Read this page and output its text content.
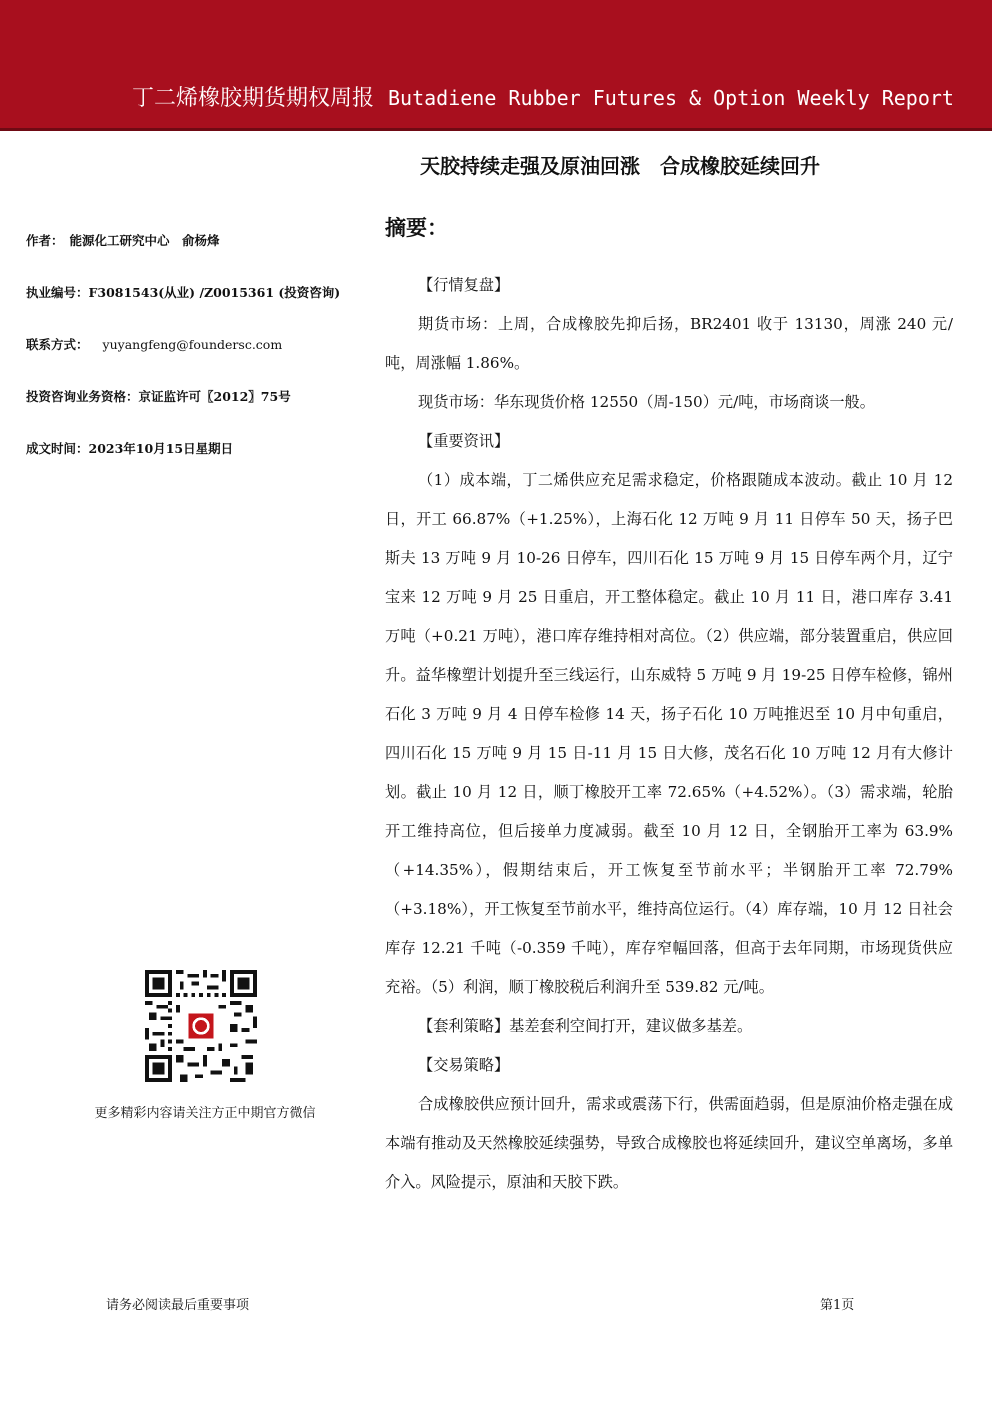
丁二烯橡胶期货期权周报 Butadiene Rubber Futures & Option Weekly Report
天胶持续走强及原油回涨 合成橡胶延续回升
作者： 能源化工研究中心　俞杨烽
执业编号：F3081543(从业) /Z0015361 (投资咨询)
联系方式： yuyangfeng@foundersc.com
投资咨询业务资格：京证监许可〖2012〗75号
成文时间：2023年10月15日星期日
更多精彩内容请关注方正中期官方微信
摘要：

【行情复盘】

期货市场：上周，合成橡胶先抑后扬，BR2401 收于 13130，周涨 240 元/吨，周涨幅 1.86%。

现货市场：华东现货价格 12550（周-150）元/吨，市场商谈一般。

【重要资讯】

（1）成本端，丁二烯供应充足需求稳定，价格跟随成本波动。截止 10 月 12 日，开工 66.87%（+1.25%），上海石化 12 万吨 9 月 11 日停车 50 天，扬子巴斯夫 13 万吨 9 月 10-26 日停车，四川石化 15 万吨 9 月 15 日停车两个月，辽宁宝来 12 万吨 9 月 25 日重启，开工整体稳定。截止 10 月 11 日，港口库存 3.41 万吨（+0.21 万吨），港口库存维持相对高位。（2）供应端，部分装置重启，供应回升。益华橡塑计划提升至三线运行，山东威特 5 万吨 9 月 19-25 日停车检修，锦州石化 3 万吨 9 月 4 日停车检修 14 天，扬子石化 10 万吨推迟至 10 月中旬重启，四川石化 15 万吨 9 月 15 日-11 月 15 日大修，茂名石化 10 万吨 12 月有大修计划。截止 10 月 12 日，顺丁橡胶开工率 72.65%（+4.52%）。（3）需求端，轮胎开工维持高位，但后接单力度减弱。截至 10 月 12 日，全钢胎开工率为 63.9%（+14.35%），假期结束后，开工恢复至节前水平；半钢胎开工率 72.79%（+3.18%），开工恢复至节前水平，维持高位运行。（4）库存端，10 月 12 日社会库存 12.21 千吨（-0.359 千吨），库存窄幅回落，但高于去年同期，市场现货供应充裕。（5）利润，顺丁橡胶税后利润升至 539.82 元/吨。

【套利策略】基差套利空间打开，建议做多基差。

【交易策略】

合成橡胶供应预计回升，需求或震荡下行，供需面趋弱，但是原油价格走强在成本端有推动及天然橡胶延续强势，导致合成橡胶也将延续回升，建议空单离场，多单介入。风险提示，原油和天胶下跌。

请务必阅读最后重要事项	第1页
